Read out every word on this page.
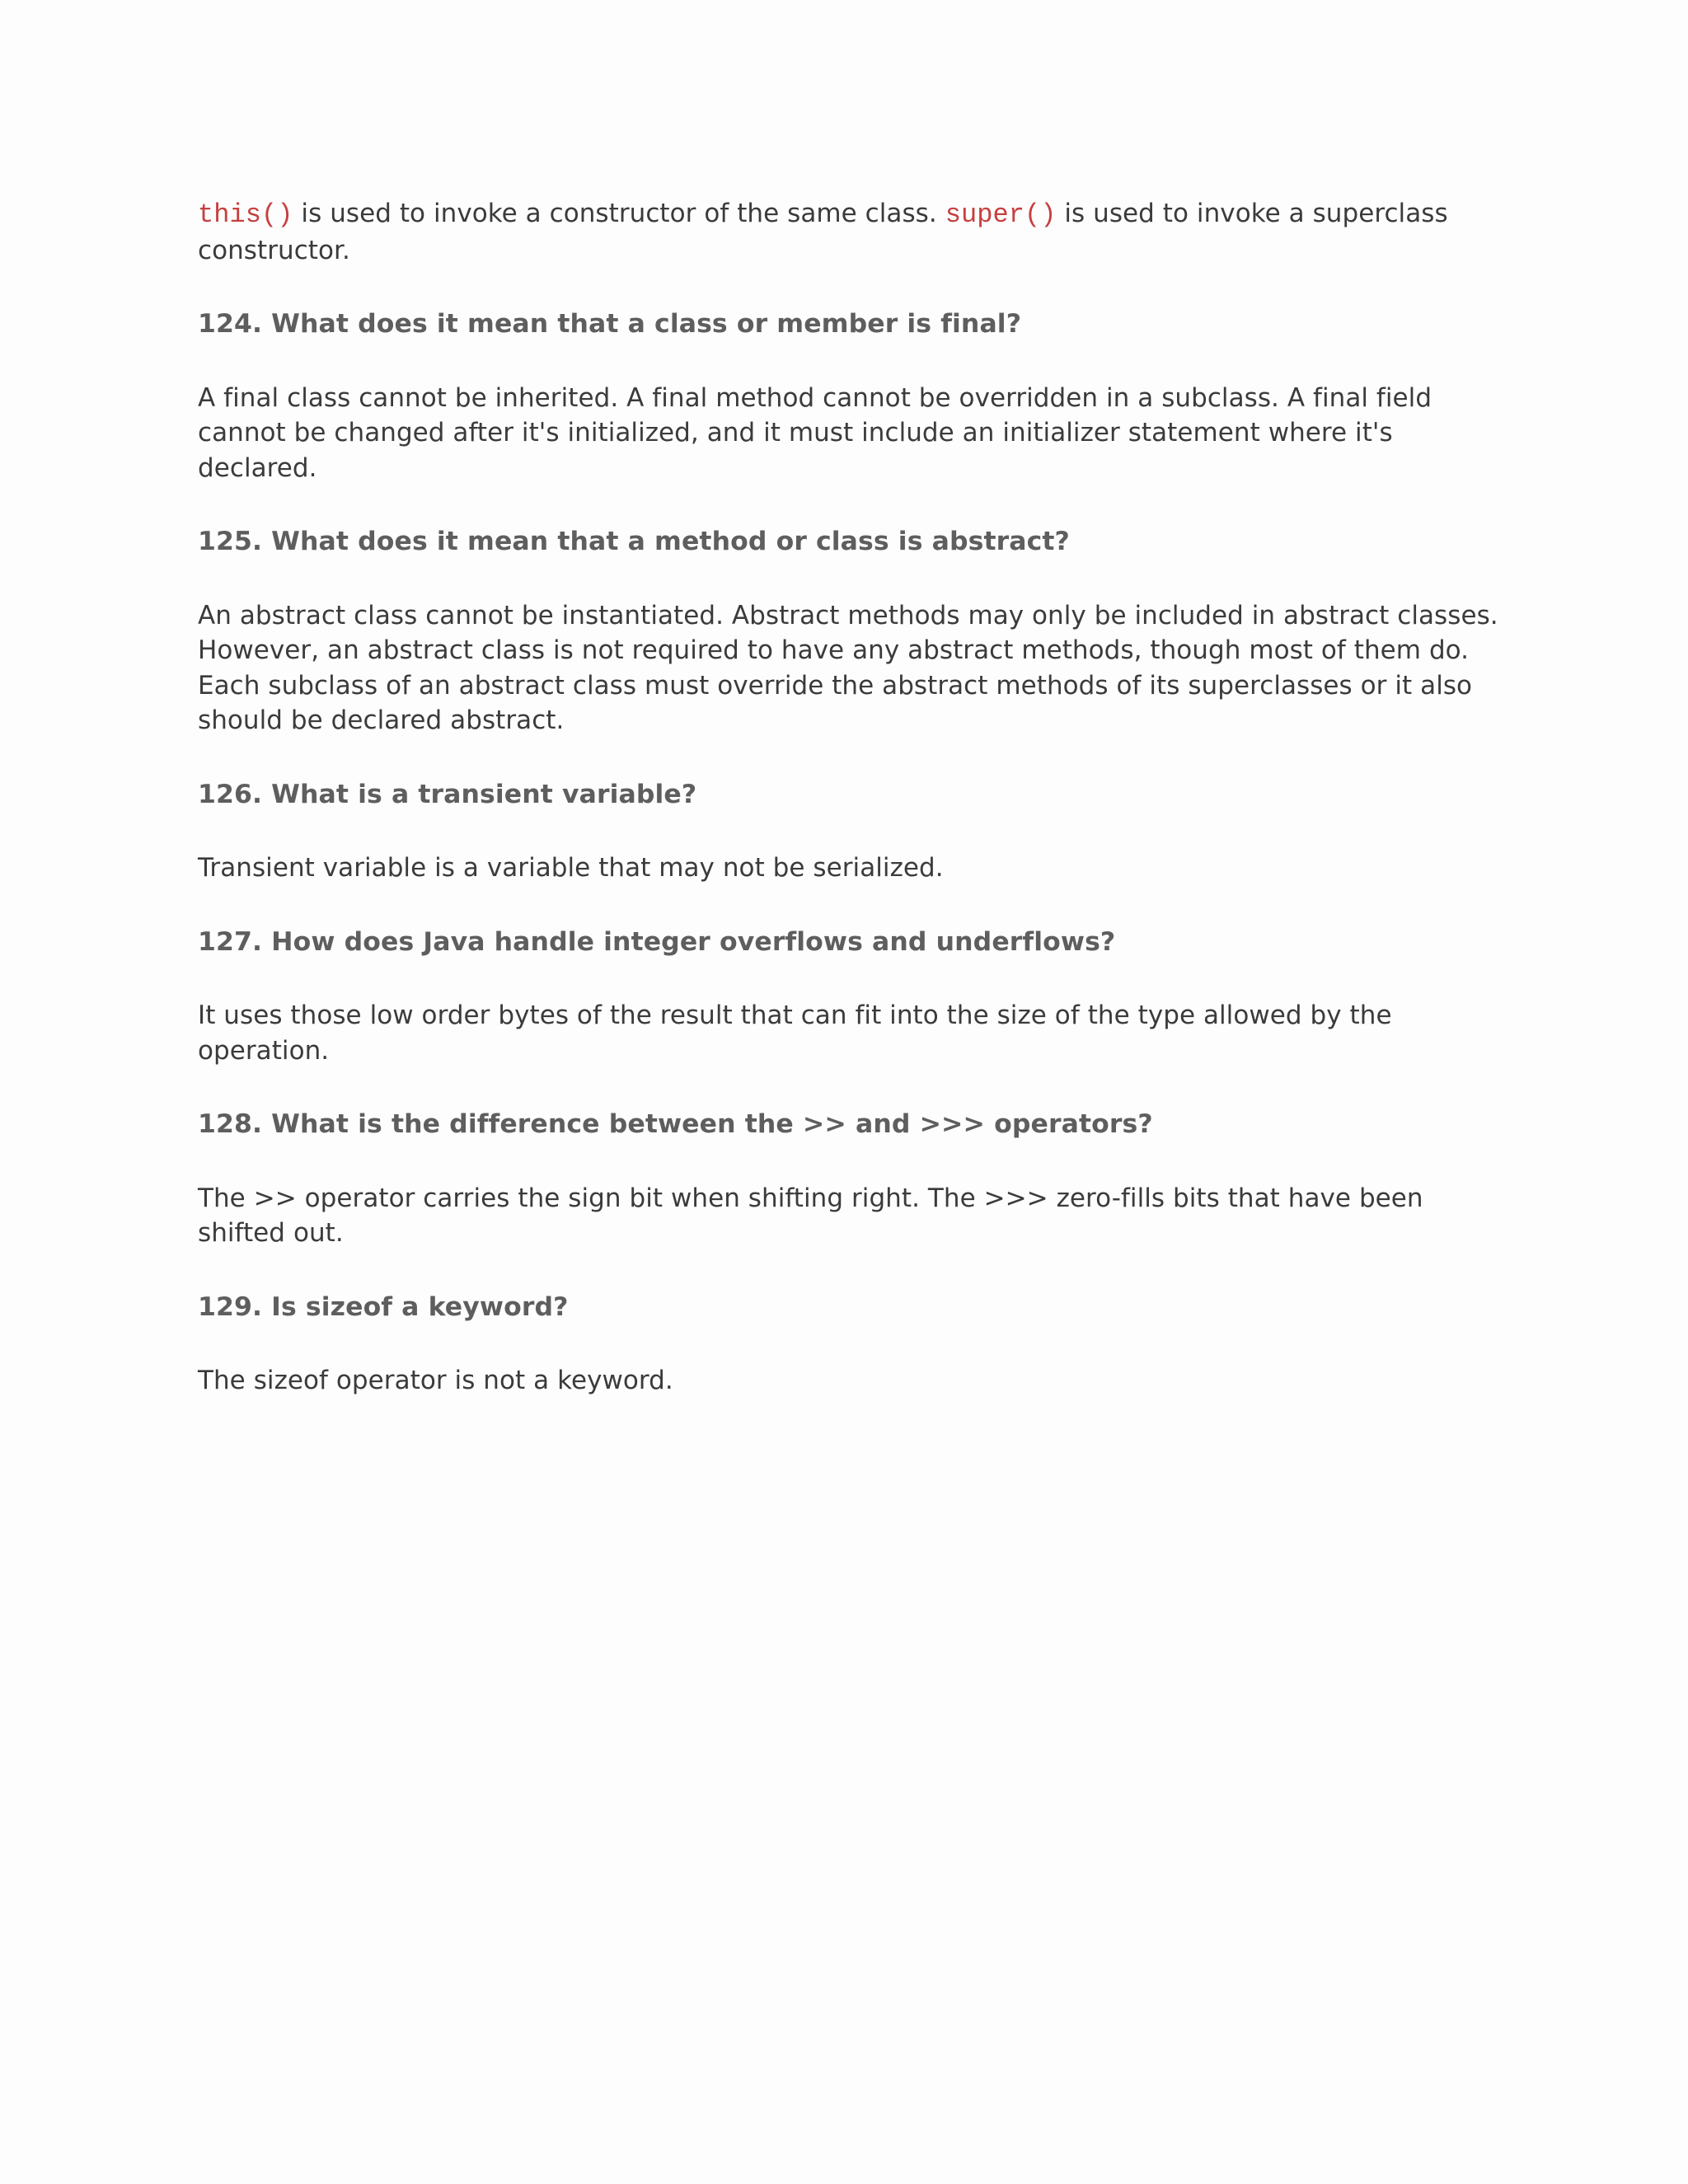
this() is used to invoke a constructor of the same class. super() is used to invoke a superclass constructor.

124. What does it mean that a class or member is final?

A final class cannot be inherited. A final method cannot be overridden in a subclass. A final field cannot be changed after it's initialized, and it must include an initializer statement where it's declared.

125. What does it mean that a method or class is abstract?

An abstract class cannot be instantiated. Abstract methods may only be included in abstract classes. However, an abstract class is not required to have any abstract methods, though most of them do. Each subclass of an abstract class must override the abstract methods of its superclasses or it also should be declared abstract.

126. What is a transient variable?

Transient variable is a variable that may not be serialized.

127. How does Java handle integer overflows and underflows?

It uses those low order bytes of the result that can fit into the size of the type allowed by the operation.

128. What is the difference between the >> and >>> operators?

The >> operator carries the sign bit when shifting right. The >>> zero-fills bits that have been shifted out.

129. Is sizeof a keyword?

The sizeof operator is not a keyword.
